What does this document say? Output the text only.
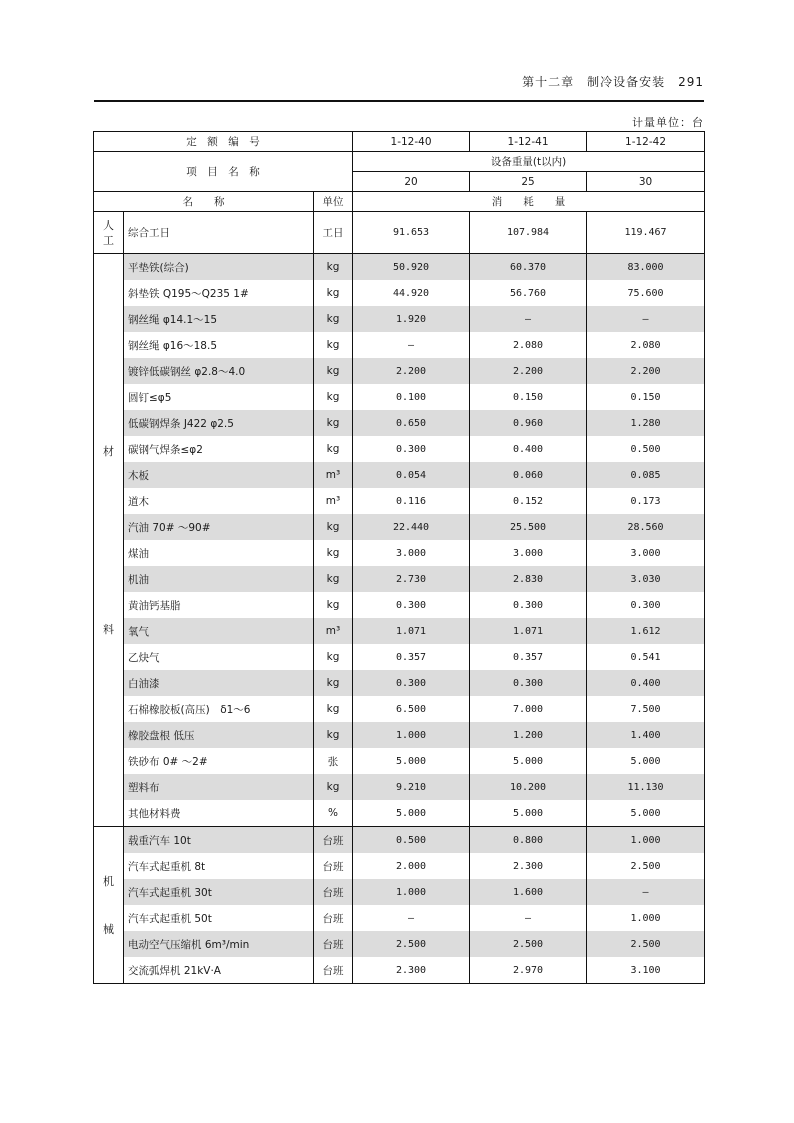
第十二章　制冷设备安装　 291
计量单位：台
定　额　编　号			1-12-40	1-12-41	1-12-42
项　目　名　称			设备重量(t以内)		
			20	25	30
名　　称		单位	消　　耗　　量		

人
工	综合工日	工日	91.653	107.984	119.467

材
料	平垫铁(综合)	kg	50.920	60.370	83.000
	斜垫铁 Q195～Q235 1#	kg	44.920	56.760	75.600
	钢丝绳 φ14.1～15	kg	1.920	—	—
	钢丝绳 φ16～18.5	kg	—	2.080	2.080
	镀锌低碳钢丝 φ2.8～4.0	kg	2.200	2.200	2.200
	圆钉≤φ5	kg	0.100	0.150	0.150
	低碳钢焊条 J422 φ2.5	kg	0.650	0.960	1.280
	碳钢气焊条≤φ2	kg	0.300	0.400	0.500
	木板	m³	0.054	0.060	0.085
	道木	m³	0.116	0.152	0.173
	汽油 70# ～90#	kg	22.440	25.500	28.560
	煤油	kg	3.000	3.000	3.000
	机油	kg	2.730	2.830	3.030
	黄油钙基脂	kg	0.300	0.300	0.300
	氧气	m³	1.071	1.071	1.612
	乙炔气	kg	0.357	0.357	0.541
	白油漆	kg	0.300	0.300	0.400
	石棉橡胶板(高压)　δ1～6	kg	6.500	7.000	7.500
	橡胶盘根 低压	kg	1.000	1.200	1.400
	铁砂布 0# ～2#	张	5.000	5.000	5.000
	塑料布	kg	9.210	10.200	11.130
	其他材料费	%	5.000	5.000	5.000

机
械	载重汽车 10t	台班	0.500	0.800	1.000
	汽车式起重机 8t	台班	2.000	2.300	2.500
	汽车式起重机 30t	台班	1.000	1.600	—
	汽车式起重机 50t	台班	—	—	1.000
	电动空气压缩机 6m³/min	台班	2.500	2.500	2.500
	交流弧焊机 21kV·A	台班	2.300	2.970	3.100
